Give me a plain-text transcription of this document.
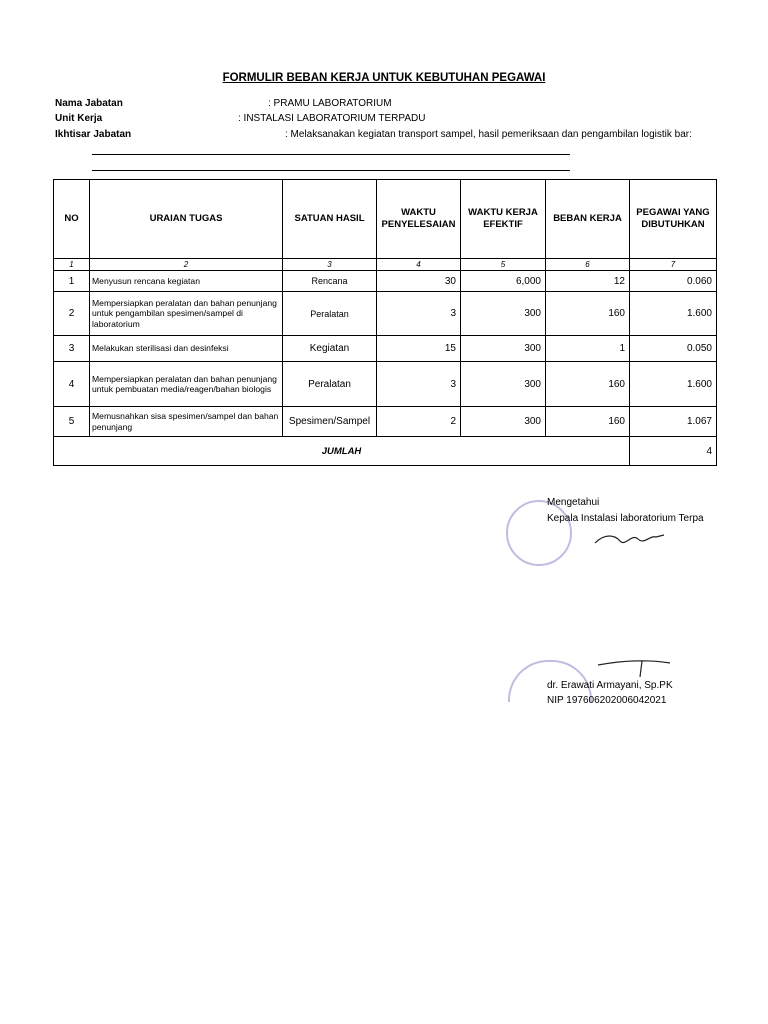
FORMULIR BEBAN KERJA UNTUK KEBUTUHAN PEGAWAI
Nama Jabatan	: PRAMU LABORATORIUM
Unit Kerja	: INSTALASI LABORATORIUM TERPADU
Ikhtisar Jabatan	: Melaksanakan kegiatan transport sampel, hasil pemeriksaan dan pengambilan logistik bar:
NO	URAIAN TUGAS	SATUAN HASIL	WAKTU PENYELESAIAN	WAKTU KERJA EFEKTIF	BEBAN KERJA	PEGAWAI YANG DIBUTUHKAN
1	2	3	4	5	6	7
1	Menyusun rencana kegiatan	Rencana	30	6,000	12	0.060
2	Mempersiapkan peralatan dan bahan penunjang untuk pengambilan spesimen/sampel di laboratorium	Peralatan	3	300	160	1.600
3	Melakukan sterilisasi dan desinfeksi	Kegiatan	15	300	1	0.050
4	Mempersiapkan peralatan dan bahan penunjang untuk pembuatan media/reagen/bahan biologis	Peralatan	3	300	160	1.600
5	Memusnahkan sisa spesimen/sampel dan bahan penunjang	Spesimen/Sampel	2	300	160	1.067
JUMLAH						4
Mengetahui
Kepala Instalasi laboratorium Terpa
dr. Erawati Armayani, Sp.PK
NIP 197606202006042021
